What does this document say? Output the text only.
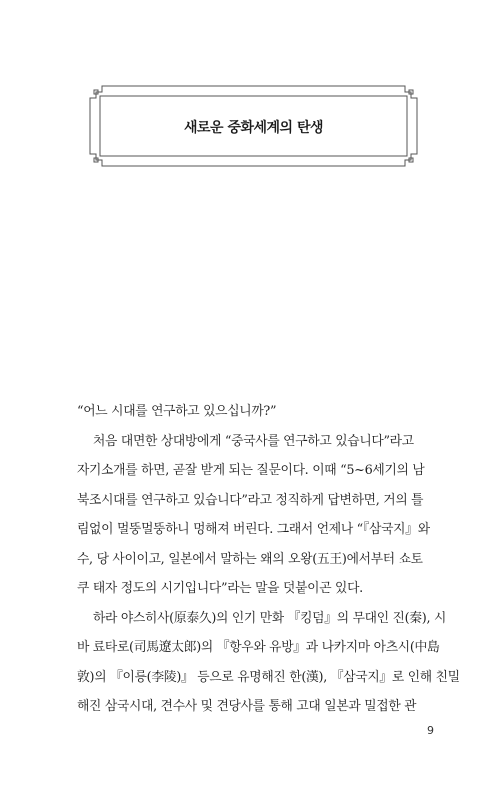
새로운 중화세계의 탄생
“어느 시대를 연구하고 있으십니까?”
처음 대면한 상대방에게 “중국사를 연구하고 있습니다”라고
자기소개를 하면, 곧잘 받게 되는 질문이다. 이때 “5~6세기의 남
북조시대를 연구하고 있습니다”라고 정직하게 답변하면, 거의 틀
림없이 멀뚱멀뚱하니 멍해져 버린다. 그래서 언제나 “『삼국지』와
수, 당 사이이고, 일본에서 말하는 왜의 오왕(五王)에서부터 쇼토
쿠 태자 정도의 시기입니다”라는 말을 덧붙이곤 있다.
하라 야스히사(原泰久)의 인기 만화 『킹덤』의 무대인 진(秦), 시
바 료타로(司馬遼太郎)의 『항우와 유방』과 나카지마 아츠시(中島
敦)의 『이릉(李陵)』 등으로 유명해진 한(漢), 『삼국지』로 인해 친밀
해진 삼국시대, 견수사 및 견당사를 통해 고대 일본과 밀접한 관
9
